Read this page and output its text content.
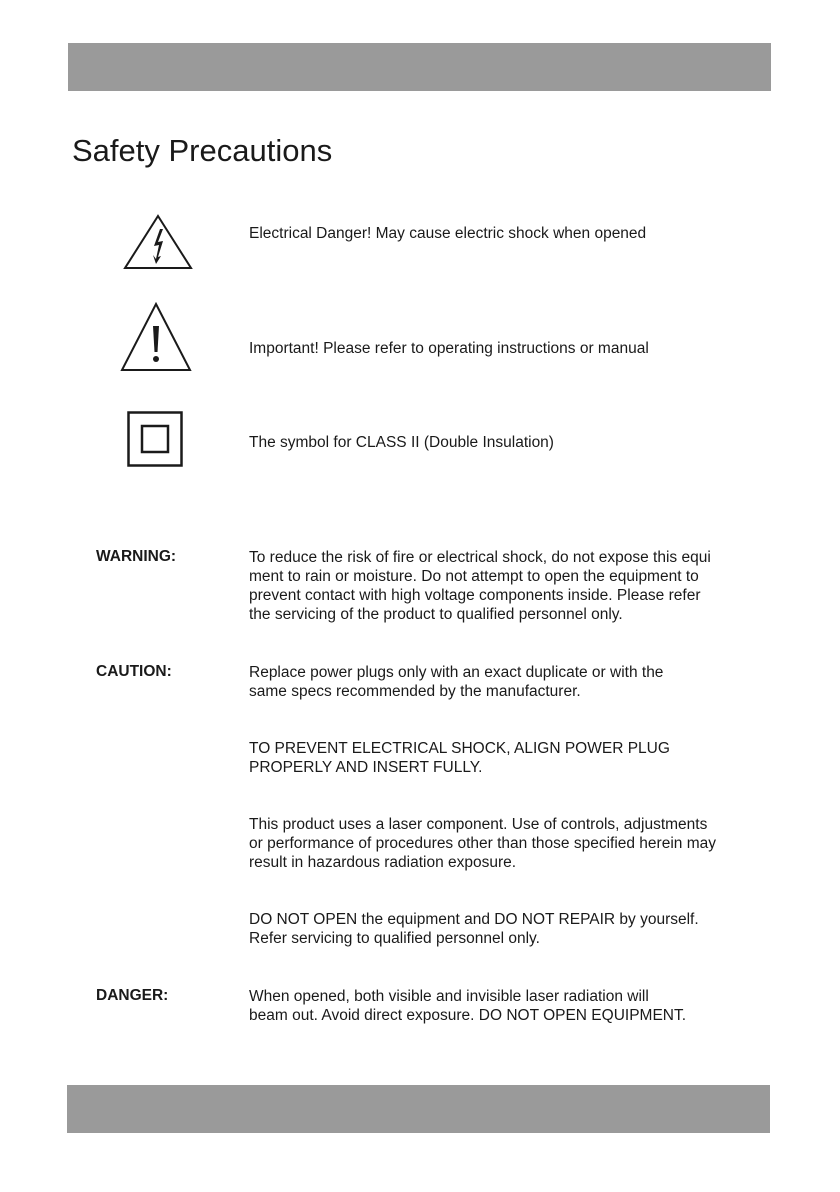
Safety Precautions
Electrical Danger! May cause electric shock when opened
Important! Please refer to operating instructions or manual
The symbol for CLASS II (Double Insulation)
WARNING:	To reduce the risk of fire or electrical shock, do not expose this equi
ment to rain or moisture. Do not attempt to open the equipment to
prevent contact with high voltage components inside. Please refer
the servicing of the product to qualified personnel only.

CAUTION:	Replace power plugs only with an exact duplicate or with the
same specs recommended by the manufacturer.

TO PREVENT ELECTRICAL SHOCK, ALIGN POWER PLUG
PROPERLY AND INSERT FULLY.

This product uses a laser component. Use of controls, adjustments
or performance of procedures other than those specified herein may
result in hazardous radiation exposure.

DO NOT OPEN the equipment and DO NOT REPAIR by yourself.
Refer servicing to qualified personnel only.

DANGER:	When opened, both visible and invisible laser radiation will
beam out. Avoid direct exposure. DO NOT OPEN EQUIPMENT.
